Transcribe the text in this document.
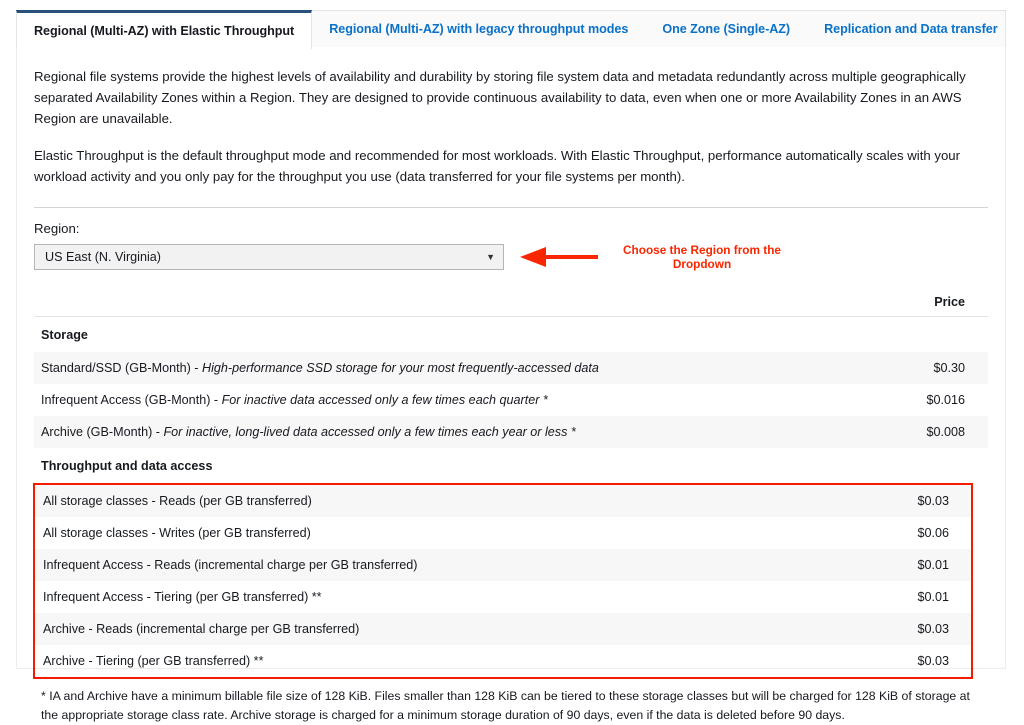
Regional (Multi-AZ) with Elastic Throughput	Regional (Multi-AZ) with legacy throughput modes	One Zone (Single-AZ)	Replication and Data transfer

Regional file systems provide the highest levels of availability and durability by storing file system data and metadata redundantly across multiple geographically separated Availability Zones within a Region. They are designed to provide continuous availability to data, even when one or more Availability Zones in an AWS Region are unavailable.

Elastic Throughput is the default throughput mode and recommended for most workloads. With Elastic Throughput, performance automatically scales with your workload activity and you only pay for the throughput you use (data transferred for your file systems per month).

Region:
US East (N. Virginia)	▼	Choose the Region from the Dropdown
Price
Storage
Standard/SSD (GB-Month) - High-performance SSD storage for your most frequently-accessed data	$0.30
Infrequent Access (GB-Month) - For inactive data accessed only a few times each quarter *	$0.016
Archive (GB-Month) - For inactive, long-lived data accessed only a few times each year or less *	$0.008
Throughput and data access
All storage classes - Reads (per GB transferred)	$0.03
All storage classes - Writes (per GB transferred)	$0.06
Infrequent Access - Reads (incremental charge per GB transferred)	$0.01
Infrequent Access - Tiering (per GB transferred) **	$0.01
Archive - Reads (incremental charge per GB transferred)	$0.03
Archive - Tiering (per GB transferred) **	$0.03
* IA and Archive have a minimum billable file size of 128 KiB. Files smaller than 128 KiB can be tiered to these storage classes but will be charged for 128 KiB of storage at the appropriate storage class rate. Archive storage is charged for a minimum storage duration of 90 days, even if the data is deleted before 90 days.
